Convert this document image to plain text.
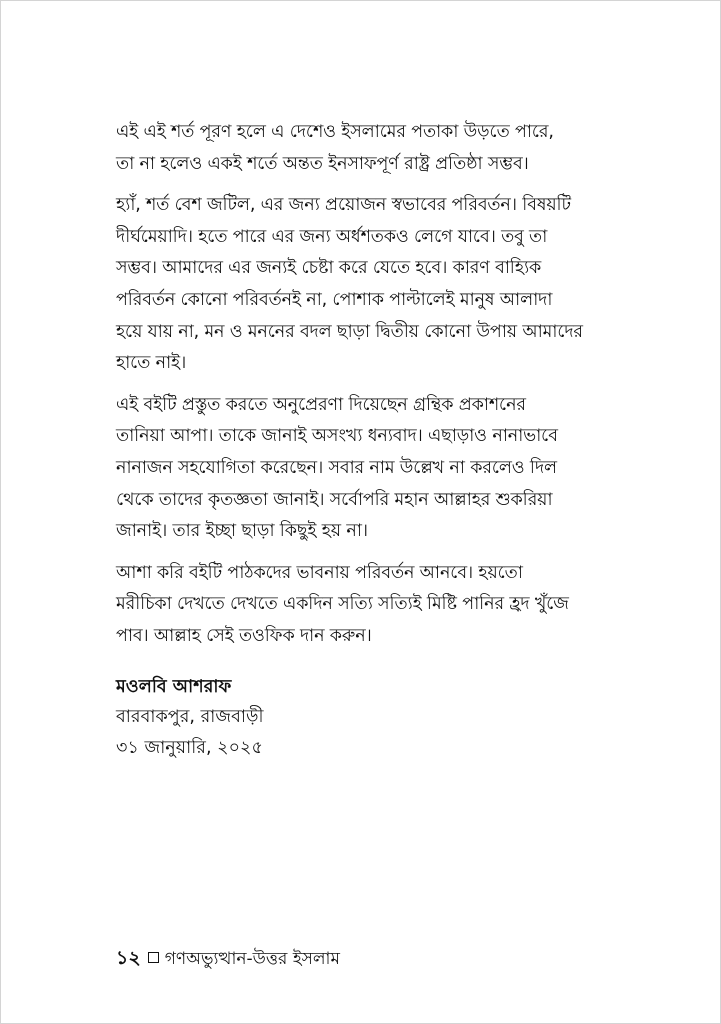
এই এই শর্ত পূরণ হলে এ দেশেও ইসলামের পতাকা উড়তে পারে,
তা না হলেও একই শর্তে অন্তত ইনসাফপূর্ণ রাষ্ট্র প্রতিষ্ঠা সম্ভব।

হ্যাঁ, শর্ত বেশ জটিল, এর জন্য প্রয়োজন স্বভাবের পরিবর্তন। বিষয়টি
দীর্ঘমেয়াদি। হতে পারে এর জন্য অর্ধশতকও লেগে যাবে। তবু তা
সম্ভব। আমাদের এর জন্যই চেষ্টা করে যেতে হবে। কারণ বাহ্যিক
পরিবর্তন কোনো পরিবর্তনই না, পোশাক পাল্টালেই মানুষ আলাদা
হয়ে যায় না, মন ও মননের বদল ছাড়া দ্বিতীয় কোনো উপায় আমাদের
হাতে নাই।

এই বইটি প্রস্তুত করতে অনুপ্রেরণা দিয়েছেন গ্রন্থিক প্রকাশনের
তানিয়া আপা। তাকে জানাই অসংখ্য ধন্যবাদ। এছাড়াও নানাভাবে
নানাজন সহযোগিতা করেছেন। সবার নাম উল্লেখ না করলেও দিল
থেকে তাদের কৃতজ্ঞতা জানাই। সর্বোপরি মহান আল্লাহর শুকরিয়া
জানাই। তার ইচ্ছা ছাড়া কিছুই হয় না।

আশা করি বইটি পাঠকদের ভাবনায় পরিবর্তন আনবে। হয়তো
মরীচিকা দেখতে দেখতে একদিন সত্যি সত্যিই মিষ্টি পানির হ্রদ খুঁজে
পাব। আল্লাহ সেই তওফিক দান করুন।

মওলবি আশরাফ
বারবাকপুর, রাজবাড়ী
৩১ জানুয়ারি, ২০২৫
১২ গণঅভ্যুত্থান-উত্তর ইসলাম
